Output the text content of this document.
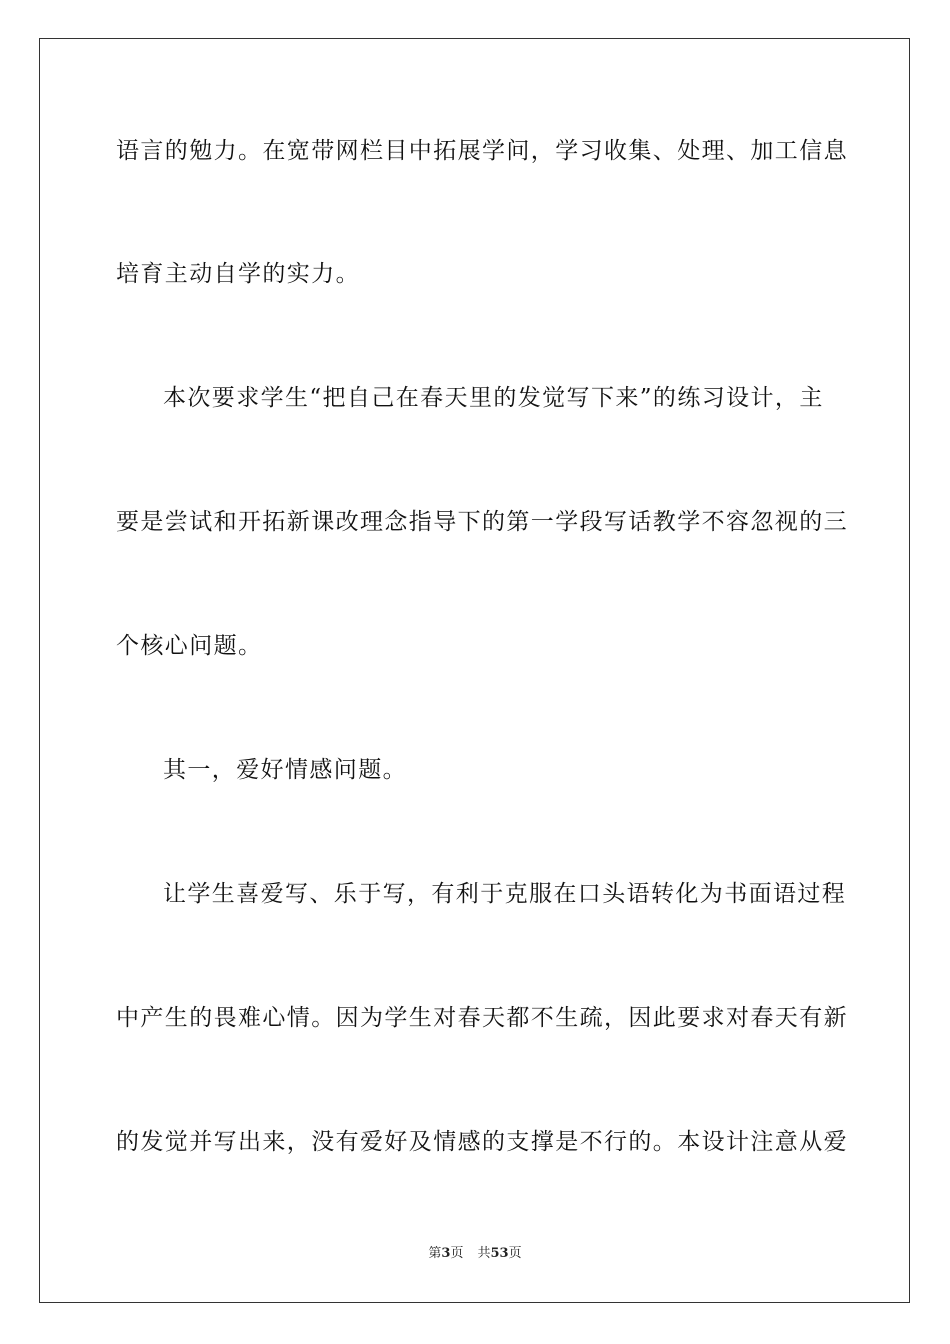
语言的勉力。在宽带网栏目中拓展学问，学习收集、处理、加工信息
培育主动自学的实力。
本次要求学生“把自己在春天里的发觉写下来”的练习设计，主
要是尝试和开拓新课改理念指导下的第一学段写话教学不容忽视的三
个核心问题。
其一，爱好情感问题。
让学生喜爱写、乐于写，有利于克服在口头语转化为书面语过程
中产生的畏难心情。因为学生对春天都不生疏，因此要求对春天有新
的发觉并写出来，没有爱好及情感的支撑是不行的。本设计注意从爱
第3页 共53页
